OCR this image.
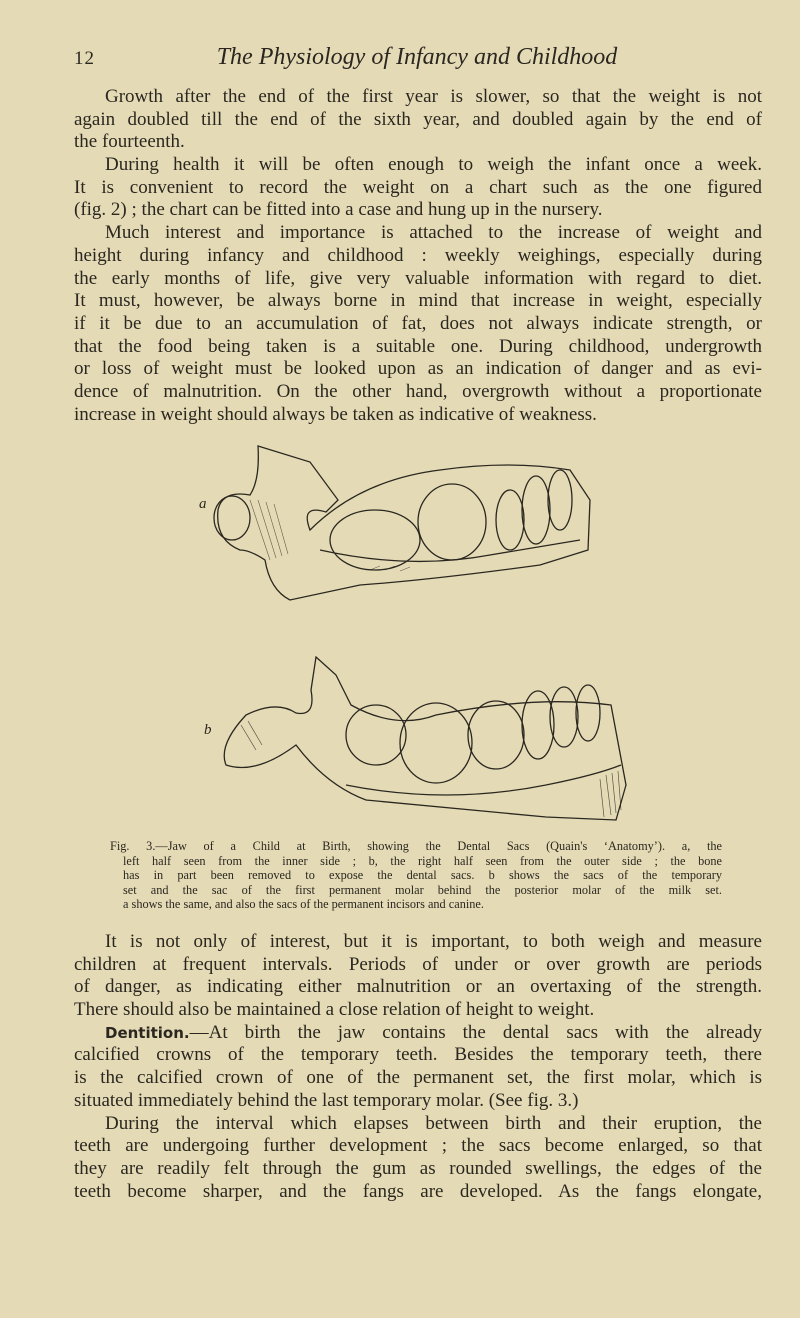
12	The Physiology of Infancy and Childhood
Growth after the end of the first year is slower, so that the weight is not
again doubled till the end of the sixth year, and doubled again by the end of
the fourteenth.
During health it will be often enough to weigh the infant once a week.
It is convenient to record the weight on a chart such as the one figured
(fig. 2) ; the chart can be fitted into a case and hung up in the nursery.
Much interest and importance is attached to the increase of weight and
height during infancy and childhood : weekly weighings, especially during
the early months of life, give very valuable information with regard to diet.
It must, however, be always borne in mind that increase in weight, especially
if it be due to an accumulation of fat, does not always indicate strength, or
that the food being taken is a suitable one. During childhood, undergrowth
or loss of weight must be looked upon as an indication of danger and as evi-
dence of malnutrition. On the other hand, overgrowth without a proportionate
increase in weight should always be taken as indicative of weakness.
a
b
Fig. 3.—Jaw of a Child at Birth, showing the Dental Sacs (Quain's ‘Anatomy’). a, the
left half seen from the inner side ; b, the right half seen from the outer side ; the bone
has in part been removed to expose the dental sacs. b shows the sacs of the temporary
set and the sac of the first permanent molar behind the posterior molar of the milk set.
a shows the same, and also the sacs of the permanent incisors and canine.
It is not only of interest, but it is important, to both weigh and measure
children at frequent intervals. Periods of under or over growth are periods
of danger, as indicating either malnutrition or an overtaxing of the strength.
There should also be maintained a close relation of height to weight.
Dentition.—At birth the jaw contains the dental sacs with the already
calcified crowns of the temporary teeth. Besides the temporary teeth, there
is the calcified crown of one of the permanent set, the first molar, which is
situated immediately behind the last temporary molar. (See fig. 3.)
During the interval which elapses between birth and their eruption, the
teeth are undergoing further development ; the sacs become enlarged, so that
they are readily felt through the gum as rounded swellings, the edges of the
teeth become sharper, and the fangs are developed. As the fangs elongate,
